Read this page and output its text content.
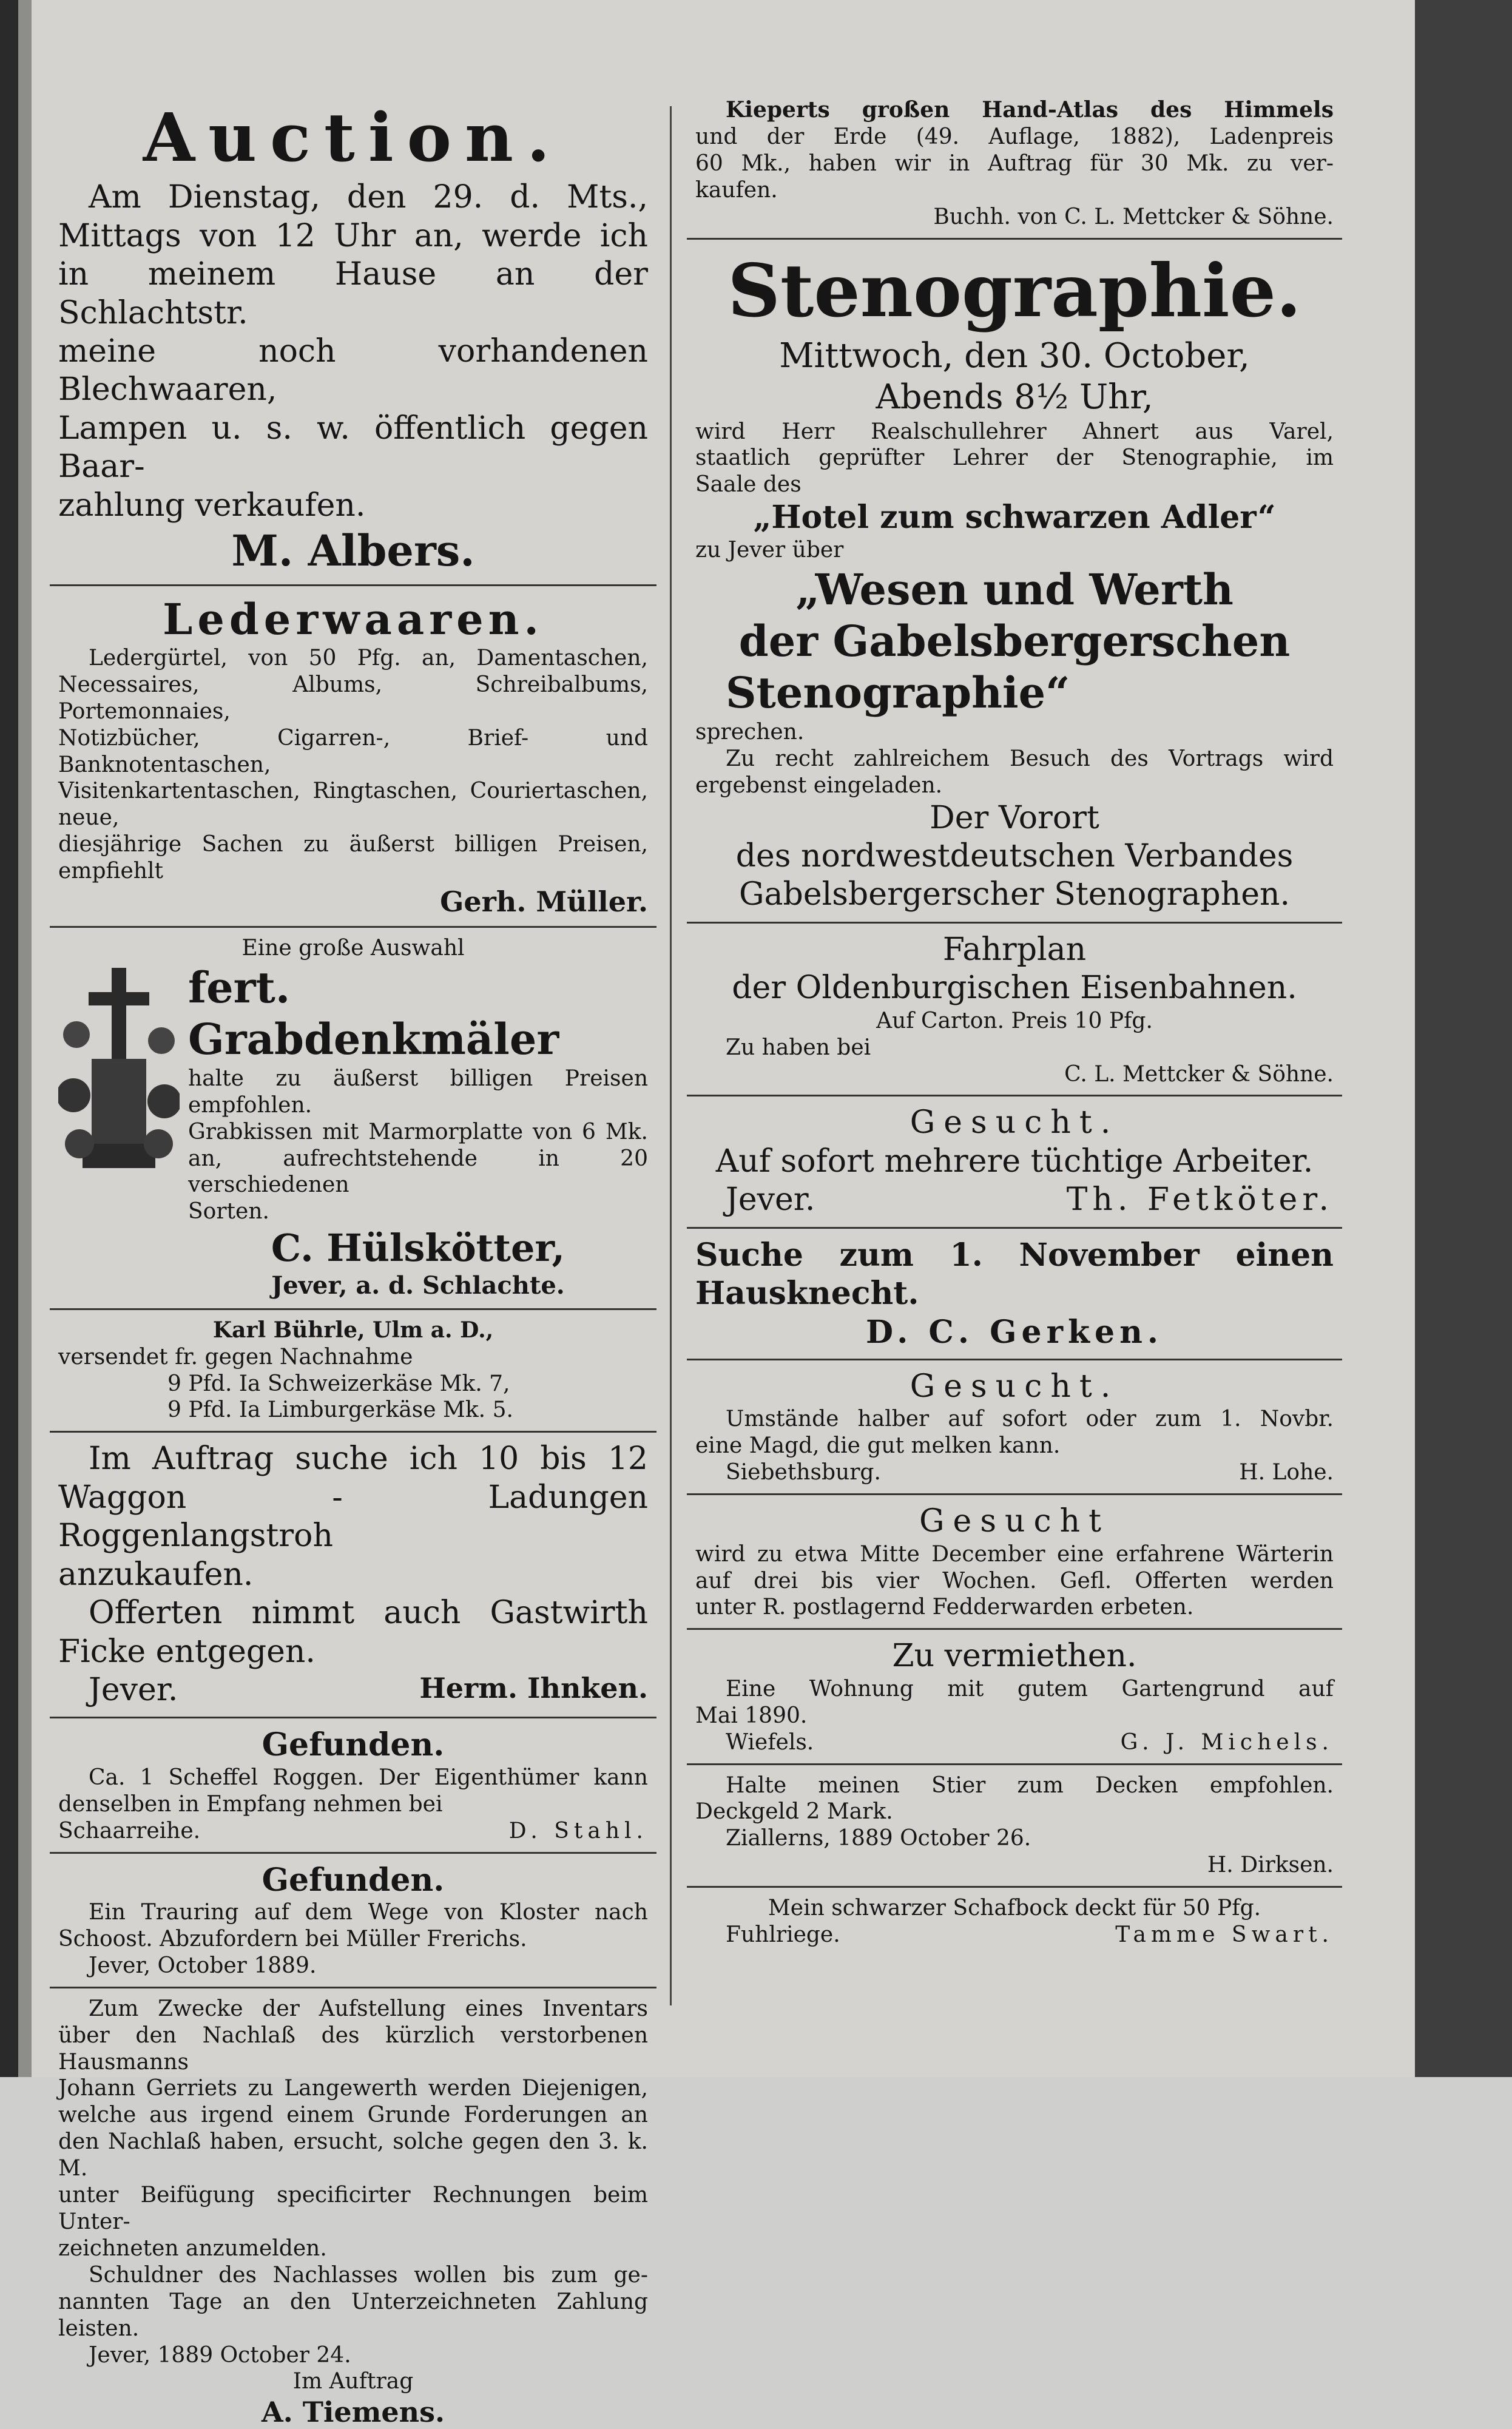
Auction.
Am Dienstag, den 29. d. Mts.,
Mittags von 12 Uhr an, werde ich
in meinem Hause an der Schlachtstr.
meine noch vorhandenen Blechwaaren,
Lampen u. s. w. öffentlich gegen Baar-
zahlung verkaufen.
M. Albers.
Lederwaaren.
Ledergürtel, von 50 Pfg. an, Damentaschen,
Necessaires, Albums, Schreibalbums, Portemonnaies,
Notizbücher, Cigarren-, Brief- und Banknotentaschen,
Visitenkartentaschen, Ringtaschen, Couriertaschen, neue,
diesjährige Sachen zu äußerst billigen Preisen, empfiehlt
Gerh. Müller.
Eine große Auswahl
fert. Grabdenkmäler
halte zu äußerst billigen Preisen empfohlen.
Grabkissen mit Marmorplatte von 6 Mk.
an, aufrechtstehende in 20 verschiedenen
Sorten.
C. Hülskötter,
Jever, a. d. Schlachte.
Karl Bührle, Ulm a. D.,
versendet fr. gegen Nachnahme
9 Pfd. Ia Schweizerkäse Mk. 7,
9 Pfd. Ia Limburgerkäse Mk. 5.
Im Auftrag suche ich 10 bis 12
Waggon - Ladungen Roggenlangstroh
anzukaufen.
Offerten nimmt auch Gastwirth
Ficke entgegen.
Jever.	Herm. Ihnken.
Gefunden.
Ca. 1 Scheffel Roggen. Der Eigenthümer kann
denselben in Empfang nehmen bei
Schaarreihe.	D. Stahl.
Gefunden.
Ein Trauring auf dem Wege von Kloster nach
Schoost. Abzufordern bei Müller Frerichs.
Jever, October 1889.
Zum Zwecke der Aufstellung eines Inventars
über den Nachlaß des kürzlich verstorbenen Hausmanns
Johann Gerriets zu Langewerth werden Diejenigen,
welche aus irgend einem Grunde Forderungen an
den Nachlaß haben, ersucht, solche gegen den 3. k. M.
unter Beifügung specificirter Rechnungen beim Unter-
zeichneten anzumelden.
Schuldner des Nachlasses wollen bis zum ge-
nannten Tage an den Unterzeichneten Zahlung leisten.
Jever, 1889 October 24.
Im Auftrag
A. Tiemens.
Kieperts großen Hand-Atlas des Himmels
und der Erde (49. Auflage, 1882), Ladenpreis
60 Mk., haben wir in Auftrag für 30 Mk. zu ver-
kaufen.
Buchh. von C. L. Mettcker & Söhne.
Stenographie.
Mittwoch, den 30. October,
Abends 8½ Uhr,
wird Herr Realschullehrer Ahnert aus Varel,
staatlich geprüfter Lehrer der Stenographie, im
Saale des
„Hotel zum schwarzen Adler“
zu Jever über
„Wesen und Werth
der Gabelsbergerschen
Stenographie“
sprechen.
Zu recht zahlreichem Besuch des Vortrags wird
ergebenst eingeladen.
Der Vorort
des nordwestdeutschen Verbandes
Gabelsbergerscher Stenographen.
Fahrplan
der Oldenburgischen Eisenbahnen.
Auf Carton. Preis 10 Pfg.
Zu haben bei
C. L. Mettcker & Söhne.
Gesucht.
Auf sofort mehrere tüchtige Arbeiter.
Jever.	Th. Fetköter.
Suche zum 1. November einen
Hausknecht.
D. C. Gerken.
Gesucht.
Umstände halber auf sofort oder zum 1. Novbr.
eine Magd, die gut melken kann.
Siebethsburg.	H. Lohe.
Gesucht
wird zu etwa Mitte December eine erfahrene Wärterin
auf drei bis vier Wochen. Gefl. Offerten werden
unter R. postlagernd Fedderwarden erbeten.
Zu vermiethen.
Eine Wohnung mit gutem Gartengrund auf
Mai 1890.
Wiefels.	G. J. Michels.
Halte meinen Stier zum Decken empfohlen.
Deckgeld 2 Mark.
Ziallerns, 1889 October 26.
H. Dirksen.
Mein schwarzer Schafbock deckt für 50 Pfg.
Fuhlriege.	Tamme Swart.
